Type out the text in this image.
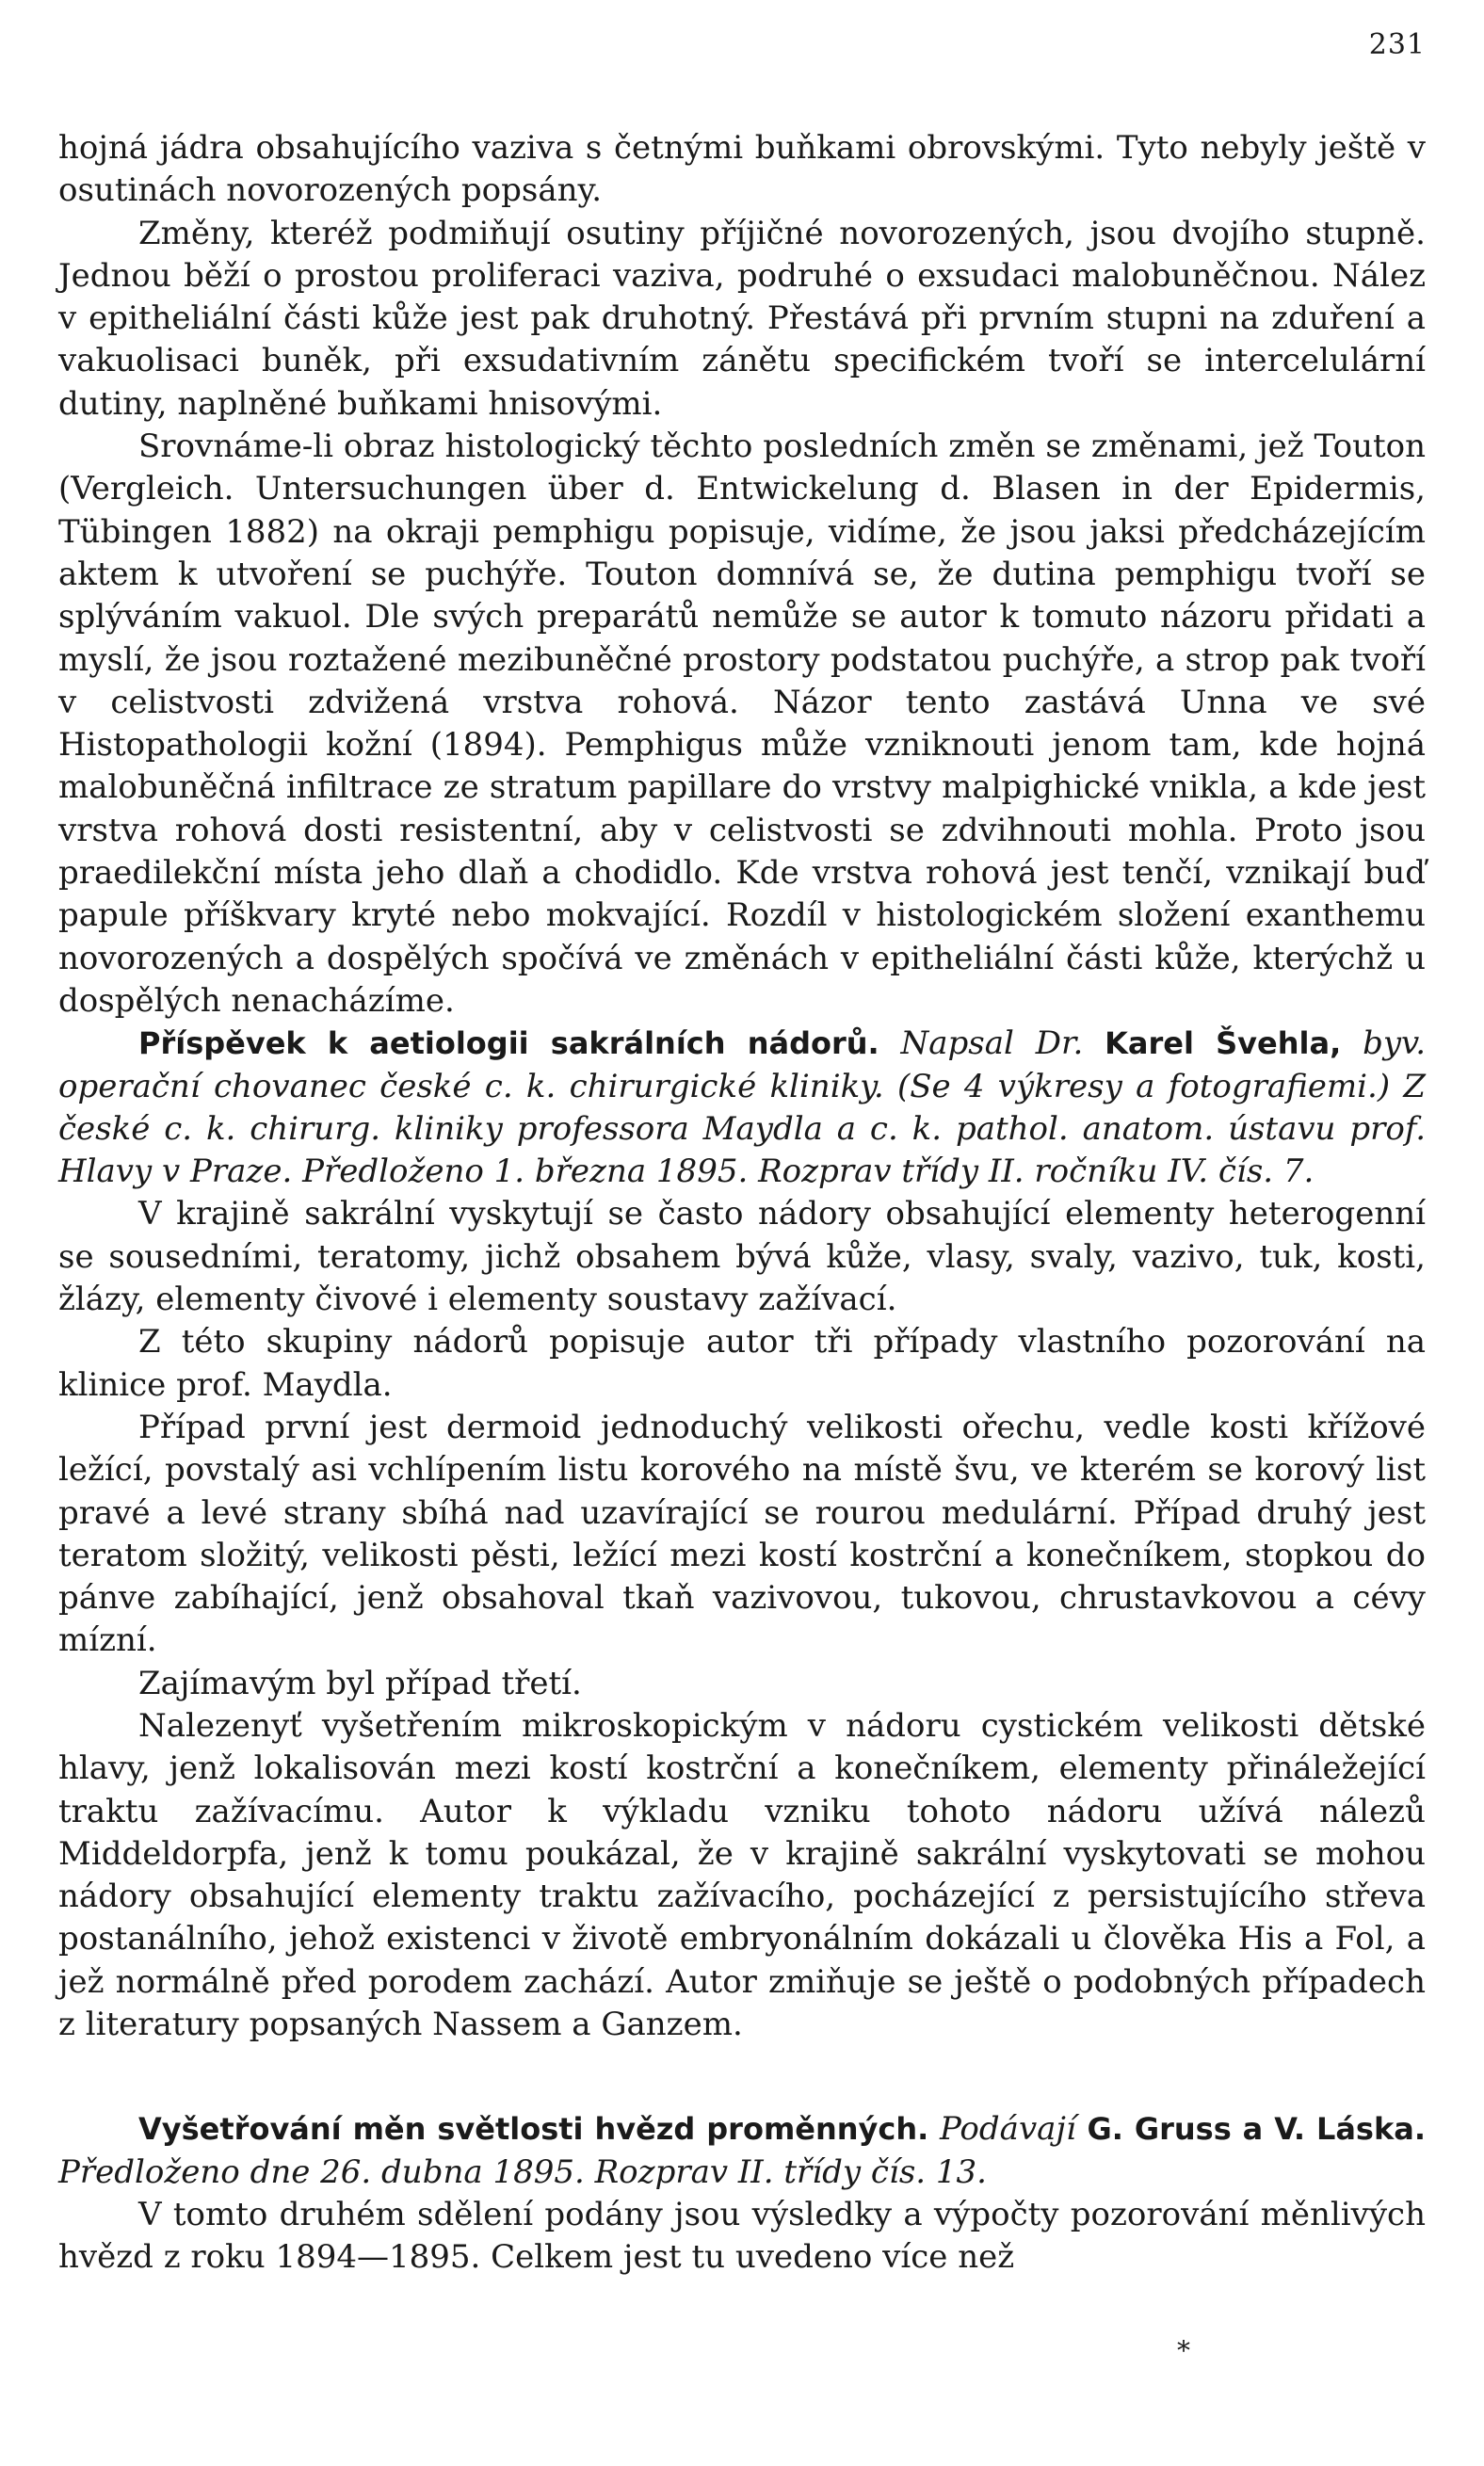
231

hojná jádra obsahujícího vaziva s četnými buňkami obrovskými. Tyto nebyly ještě v osutinách novorozených popsány.

Změny, kteréž podmiňují osutiny příjičné novorozených, jsou dvojího stupně. Jednou běží o prostou proliferaci vaziva, podruhé o exsudaci malobuněčnou. Nález v epitheliální části kůže jest pak druhotný. Přestává při prvním stupni na zduření a vakuolisaci buněk, při exsudativním zánětu specifickém tvoří se intercelulární dutiny, naplněné buňkami hnisovými.

Srovnáme-li obraz histologický těchto posledních změn se změnami, jež Touton (Vergleich. Untersuchungen über d. Entwickelung d. Blasen in der Epidermis, Tübingen 1882) na okraji pemphigu popisuje, vidíme, že jsou jaksi předcházejícím aktem k utvoření se puchýře. Touton domnívá se, že dutina pemphigu tvoří se splýváním vakuol. Dle svých preparátů nemůže se autor k tomuto názoru přidati a myslí, že jsou roztažené mezibuněčné prostory podstatou puchýře, a strop pak tvoří v celistvosti zdvižená vrstva rohová. Názor tento zastává Unna ve své Histopathologii kožní (1894). Pemphigus může vzniknouti jenom tam, kde hojná malobuněčná infiltrace ze stratum papillare do vrstvy malpighické vnikla, a kde jest vrstva rohová dosti resistentní, aby v celistvosti se zdvihnouti mohla. Proto jsou praedilekční místa jeho dlaň a chodidlo. Kde vrstva rohová jest tenčí, vznikají buď papule příškvary kryté nebo mokvající. Rozdíl v histologickém složení exanthemu novorozených a dospělých spočívá ve změnách v epitheliální části kůže, kterýchž u dospělých nenacházíme.

Příspěvek k aetiologii sakrálních nádorů. Napsal Dr. Karel Švehla, byv. operační chovanec české c. k. chirurgické kliniky. (Se 4 výkresy a fotografiemi.) Z české c. k. chirurg. kliniky professora Maydla a c. k. pathol. anatom. ústavu prof. Hlavy v Praze. Předloženo 1. března 1895. Rozprav třídy II. ročníku IV. čís. 7.

V krajině sakrální vyskytují se často nádory obsahující elementy heterogenní se sousedními, teratomy, jichž obsahem bývá kůže, vlasy, svaly, vazivo, tuk, kosti, žlázy, elementy čivové i elementy soustavy zažívací.

Z této skupiny nádorů popisuje autor tři případy vlastního pozorování na klinice prof. Maydla.

Případ první jest dermoid jednoduchý velikosti ořechu, vedle kosti křížové ležící, povstalý asi vchlípením listu korového na místě švu, ve kterém se korový list pravé a levé strany sbíhá nad uzavírající se rourou medulární. Případ druhý jest teratom složitý, velikosti pěsti, ležící mezi kostí kostrční a konečníkem, stopkou do pánve zabíhající, jenž obsahoval tkaň vazivovou, tukovou, chrustavkovou a cévy mízní.

Zajímavým byl případ třetí.

Nalezenyť vyšetřením mikroskopickým v nádoru cystickém velikosti dětské hlavy, jenž lokalisován mezi kostí kostrční a konečníkem, elementy přináležející traktu zažívacímu. Autor k výkladu vzniku tohoto nádoru užívá nálezů Middeldorpfa, jenž k tomu poukázal, že v krajině sakrální vyskytovati se mohou nádory obsahující elementy traktu zažívacího, pocházející z persistujícího střeva postanálního, jehož existenci v životě embryonálním dokázali u člověka His a Fol, a jež normálně před porodem zachází. Autor zmiňuje se ještě o podobných případech z literatury popsaných Nassem a Ganzem.

Vyšetřování měn světlosti hvězd proměnných. Podávají G. Gruss a V. Láska. Předloženo dne 26. dubna 1895. Rozprav II. třídy čís. 13.

V tomto druhém sdělení podány jsou výsledky a výpočty pozorování měnlivých hvězd z roku 1894—1895. Celkem jest tu uvedeno více než

*
